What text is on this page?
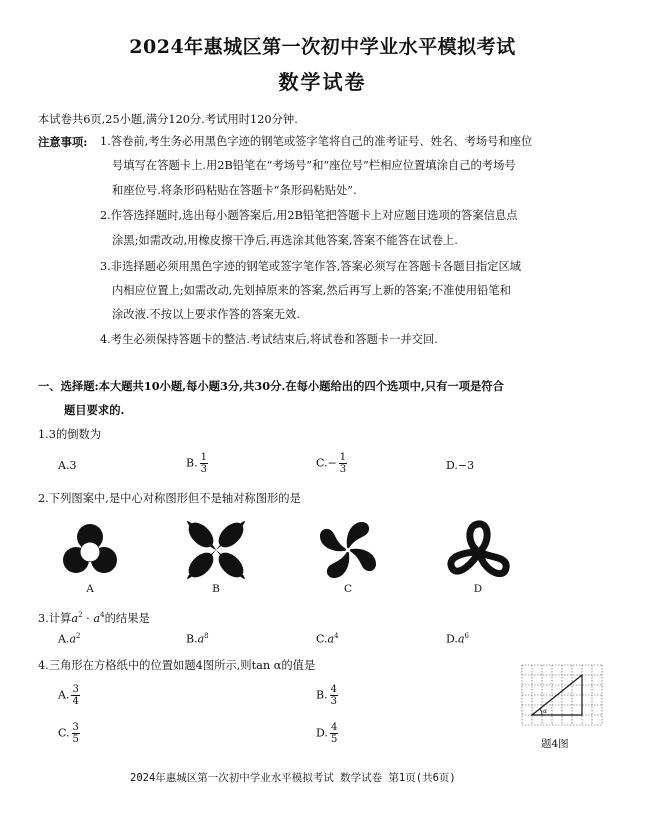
2024年惠城区第一次初中学业水平模拟考试
数学试卷
本试卷共6页,25小题,满分120分.考试用时120分钟.
注意事项: 1.答卷前,考生务必用黑色字迹的钢笔或签字笔将自己的准考证号、姓名、考场号和座位
号填写在答题卡上.用2B铅笔在“考场号”和“座位号”栏相应位置填涂自己的考场号
和座位号.将条形码粘贴在答题卡“条形码粘贴处”.
2.作答选择题时,选出每小题答案后,用2B铅笔把答题卡上对应题目选项的答案信息点
涂黑;如需改动,用橡皮擦干净后,再选涂其他答案,答案不能答在试卷上.
3.非选择题必须用黑色字迹的钢笔或签字笔作答,答案必须写在答题卡各题目指定区域
内相应位置上;如需改动,先划掉原来的答案,然后再写上新的答案;不准使用铅笔和
涂改液.不按以上要求作答的答案无效.
4.考生必须保持答题卡的整洁.考试结束后,将试卷和答题卡一并交回.
一、选择题:本大题共10小题,每小题3分,共30分.在每小题给出的四个选项中,只有一项是符合
题目要求的.
1.3的倒数为
A.3	B. $\frac{1}{3}$	$C.- \frac{1}{3}$	D.−3
2.下列图案中,是中心对称图形但不是轴对称图形的是
A	B	C	D
3.计算$a^2 \cdot a^4$的结果是
$A.a^2$	$B.a^8$	$C.a^4$	$D.a^6$
4.三角形在方格纸中的位置如题4图所示,则tan α的值是
A. $\frac{3}{4}$	B. $\frac{4}{3}$
C. $\frac{3}{5}$	D. $\frac{4}{5}$
α
题4图
2024年惠城区第一次初中学业水平模拟考试 数学试卷 第1页(共6页)
